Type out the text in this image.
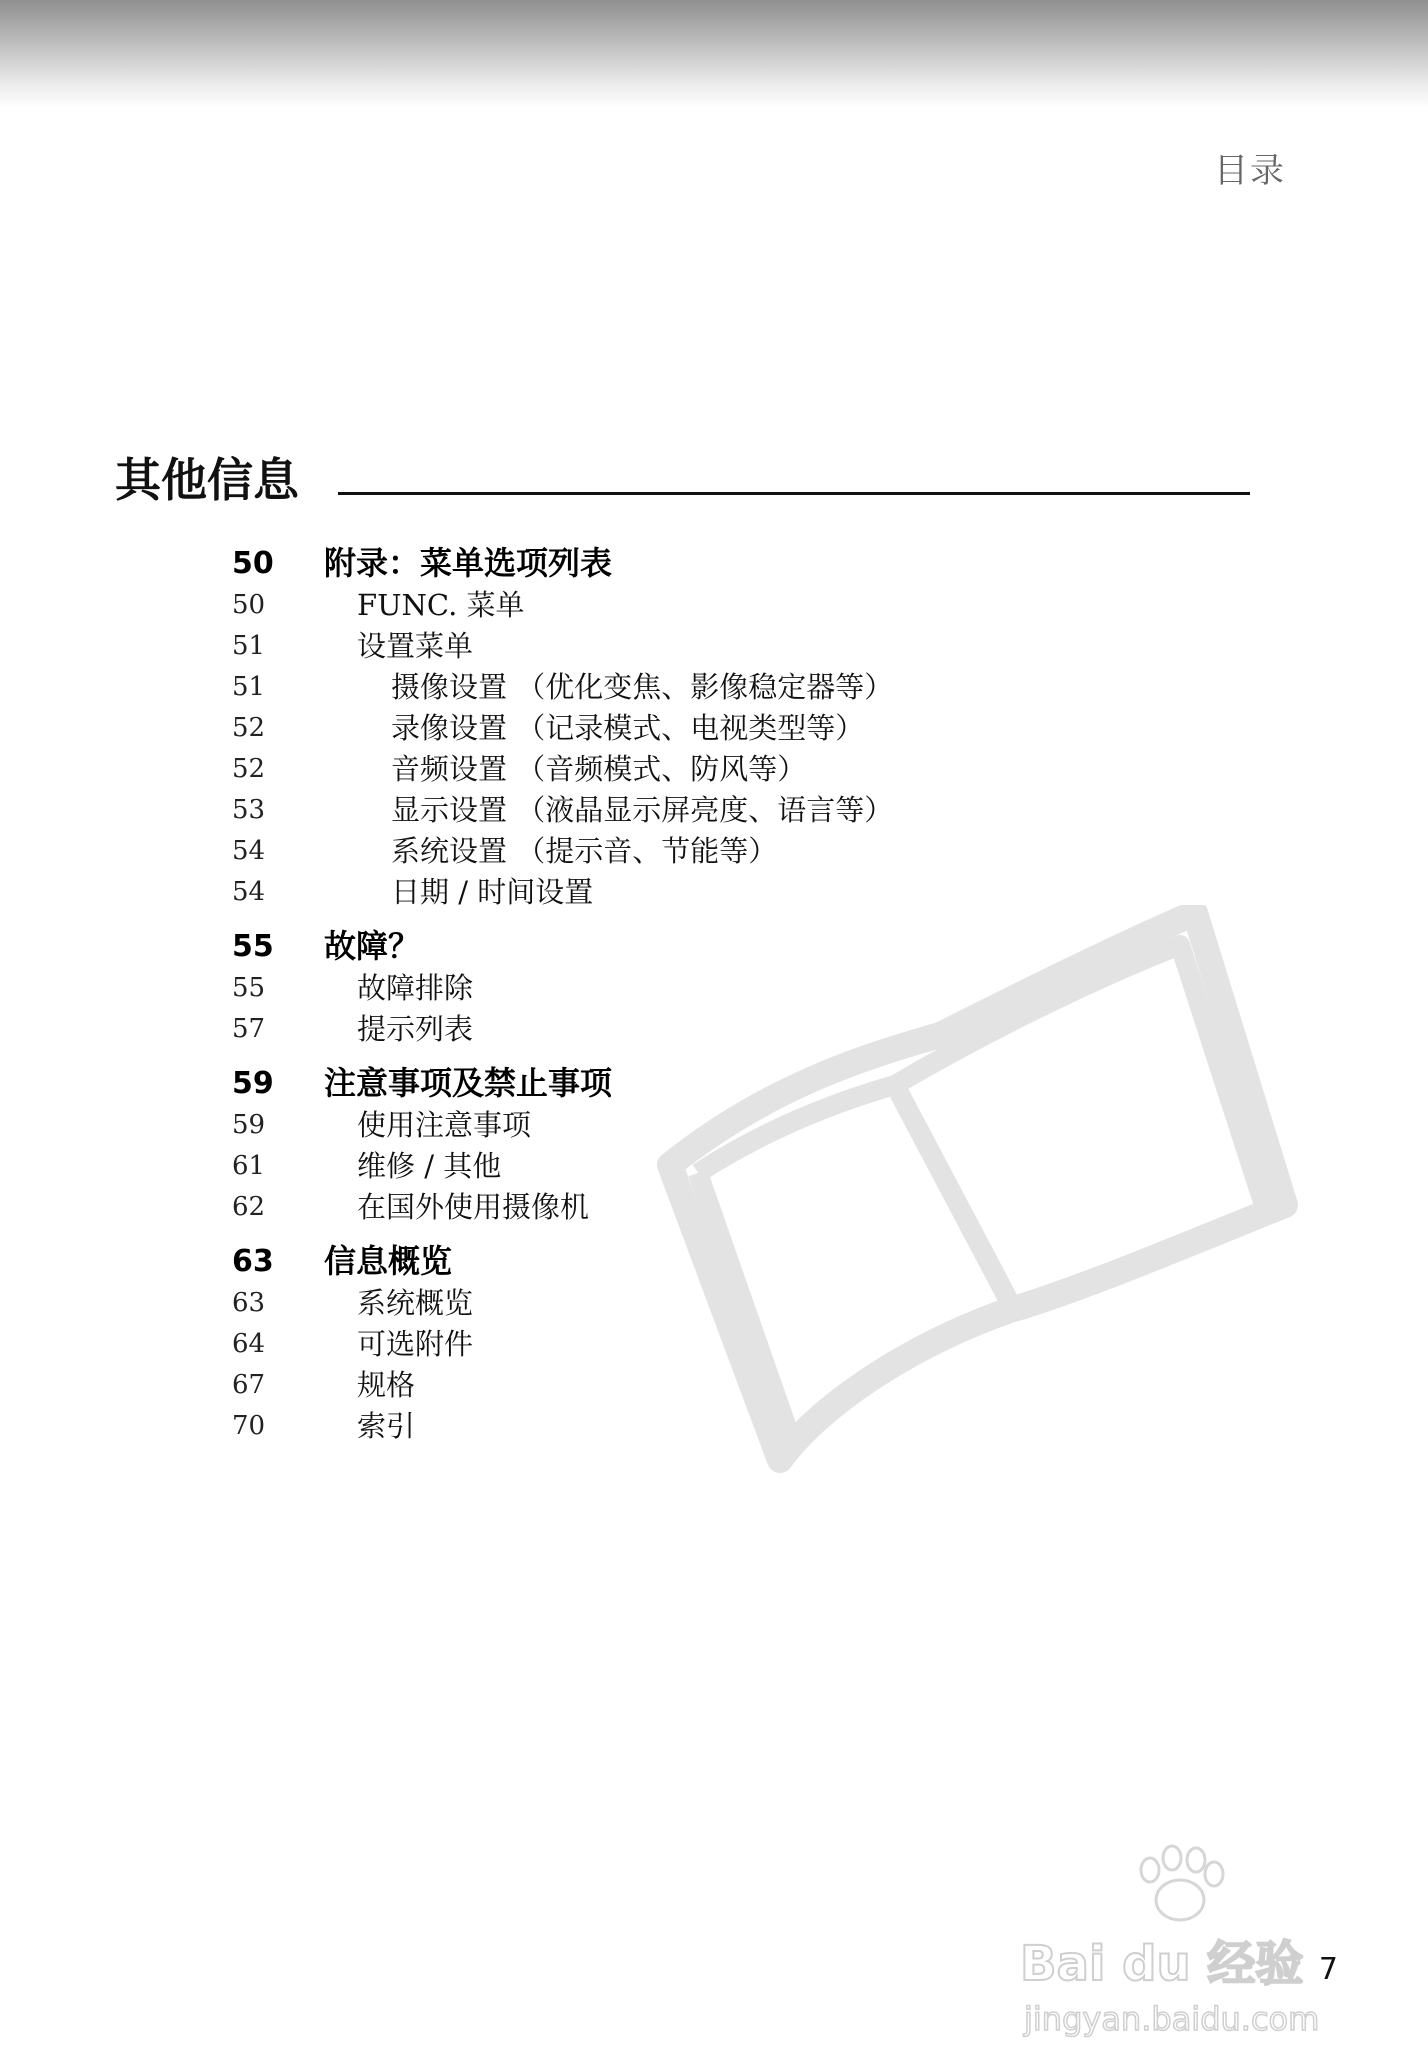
目录
其他信息
50 附录：菜单选项列表
50	FUNC. 菜单
51	设置菜单
51	摄像设置 （优化变焦、影像稳定器等）
52	录像设置 （记录模式、电视类型等）
52	音频设置 （音频模式、防风等）
53	显示设置 （液晶显示屏亮度、语言等）
54	系统设置 （提示音、节能等）
54	日期 / 时间设置
55 故障？
55	故障排除
57	提示列表
59 注意事项及禁止事项
59	使用注意事项
61	维修 / 其他
62	在国外使用摄像机
63 信息概览
63	系统概览
64	可选附件
67	规格
70	索引
Bai du 经验
jingyan.baidu.com
7
